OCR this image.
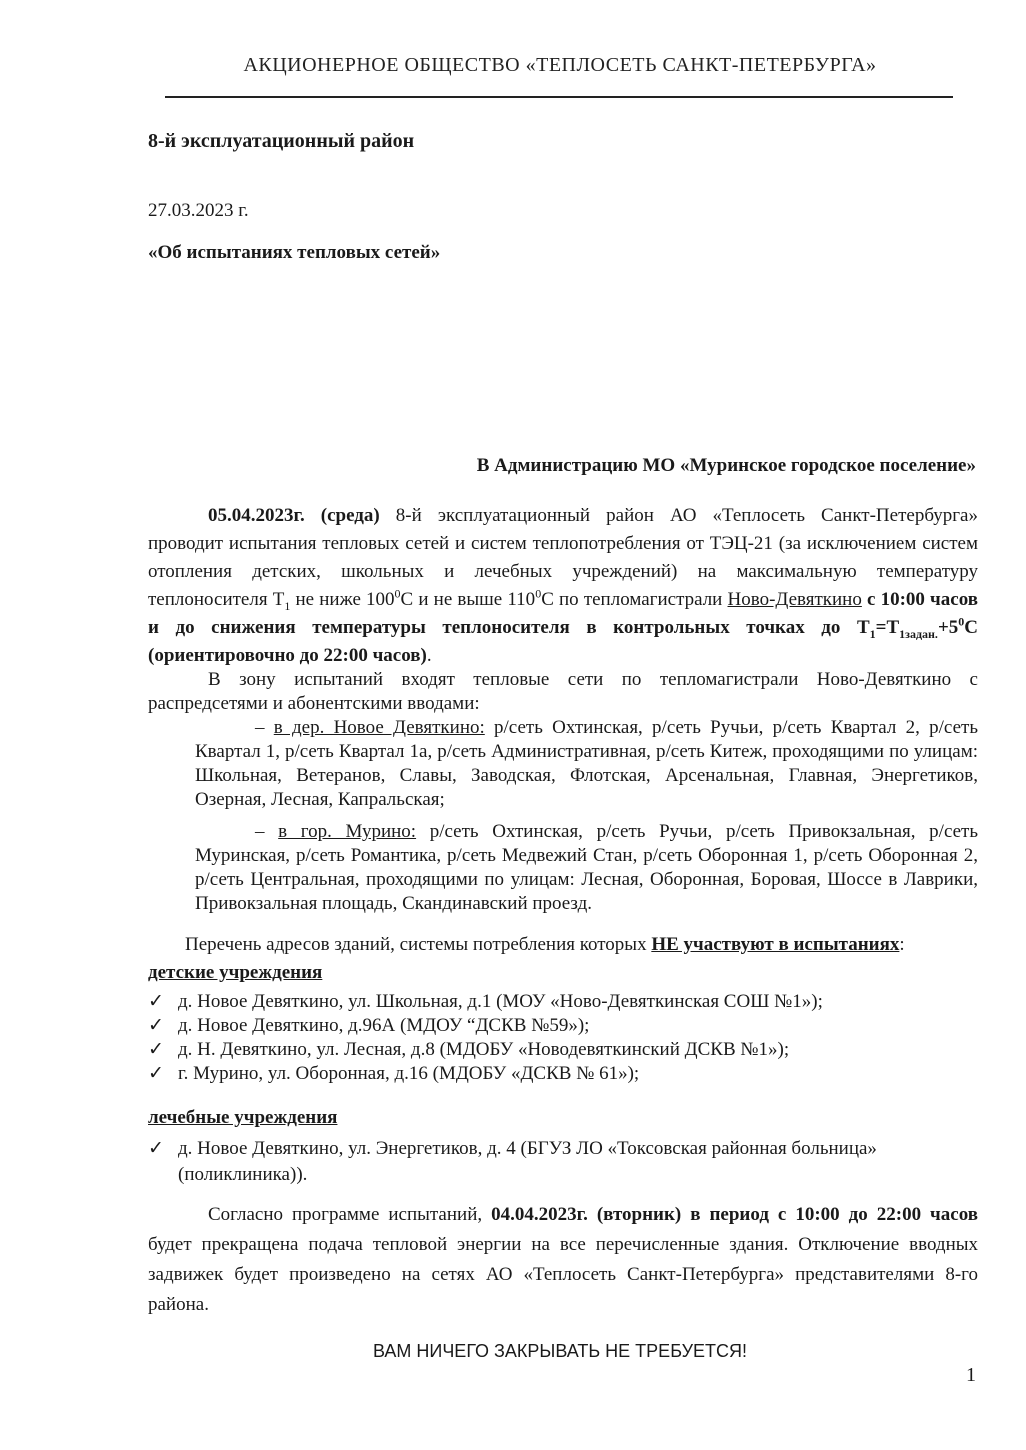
АКЦИОНЕРНОЕ ОБЩЕСТВО «ТЕПЛОСЕТЬ САНКТ-ПЕТЕРБУРГА»
8-й эксплуатационный район
27.03.2023 г.
«Об испытаниях тепловых сетей»
В Администрацию МО «Муринское городское поселение»
05.04.2023г. (среда) 8-й эксплуатационный район АО «Теплосеть Санкт-Петербурга» проводит испытания тепловых сетей и систем теплопотребления от ТЭЦ-21 (за исключением систем отопления детских, школьных и лечебных учреждений) на максимальную температуру теплоносителя $Т_1$ не ниже $100^0С$ и не выше $110^0С$ по тепломагистрали Ново-Девяткино с 10:00 часов и до снижения температуры теплоносителя в контрольных точках до $Т_1=Т_{1задан.}+5^0С$ (ориентировочно до 22:00 часов).
В зону испытаний входят тепловые сети по тепломагистрали Ново-Девяткино с распредсетями и абонентскими вводами:
– в дер. Новое Девяткино: р/сеть Охтинская, р/сеть Ручьи, р/сеть Квартал 2, р/сеть Квартал 1, р/сеть Квартал 1а, р/сеть Административная, р/сеть Китеж, проходящими по улицам: Школьная, Ветеранов, Славы, Заводская, Флотская, Арсенальная, Главная, Энергетиков, Озерная, Лесная, Капральская;
– в гор. Мурино: р/сеть Охтинская, р/сеть Ручьи, р/сеть Привокзальная, р/сеть Муринская, р/сеть Романтика, р/сеть Медвежий Стан, р/сеть Оборонная 1, р/сеть Оборонная 2, р/сеть Центральная, проходящими по улицам: Лесная, Оборонная, Боровая, Шоссе в Лаврики, Привокзальная площадь, Скандинавский проезд.
Перечень адресов зданий, системы потребления которых НЕ участвуют в испытаниях:
детские учреждения
✓ д. Новое Девяткино, ул. Школьная, д.1 (МОУ «Ново-Девяткинская СОШ №1»);
✓ д. Новое Девяткино, д.96А (МДОУ “ДСКВ №59»);
✓ д. Н. Девяткино, ул. Лесная, д.8 (МДОБУ «Новодевяткинский ДСКВ №1»);
✓ г. Мурино, ул. Оборонная, д.16 (МДОБУ «ДСКВ № 61»);
лечебные учреждения
✓ д. Новое Девяткино, ул. Энергетиков, д. 4 (БГУЗ ЛО «Токсовская районная больница» (поликлиника)).
Согласно программе испытаний, 04.04.2023г. (вторник) в период с 10:00 до 22:00 часов будет прекращена подача тепловой энергии на все перечисленные здания. Отключение вводных задвижек будет произведено на сетях АО «Теплосеть Санкт-Петербурга» представителями 8-го района.
ВАМ НИЧЕГО ЗАКРЫВАТЬ НЕ ТРЕБУЕТСЯ!
1
